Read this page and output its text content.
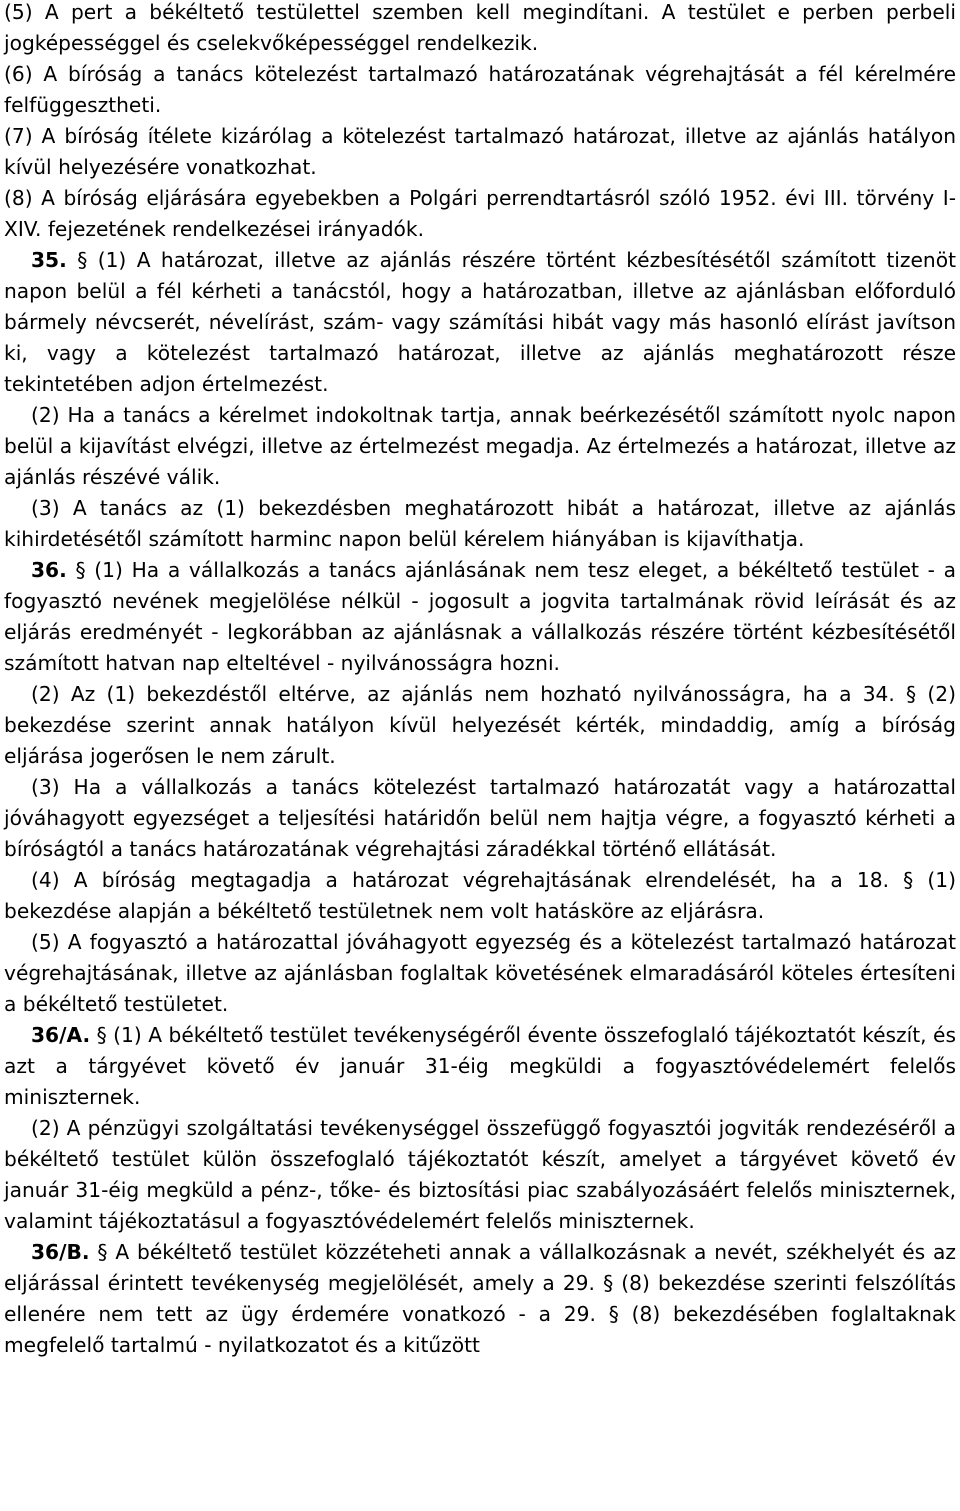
(5) A pert a békéltető testülettel szemben kell megindítani. A testület e perben perbeli jogképességgel és cselekvőképességgel rendelkezik.

(6) A bíróság a tanács kötelezést tartalmazó határozatának végrehajtását a fél kérelmére felfüggesztheti.

(7) A bíróság ítélete kizárólag a kötelezést tartalmazó határozat, illetve az ajánlás hatályon kívül helyezésére vonatkozhat.

(8) A bíróság eljárására egyebekben a Polgári perrendtartásról szóló 1952. évi III. törvény I-XIV. fejezetének rendelkezései irányadók.

35. § (1) A határozat, illetve az ajánlás részére történt kézbesítésétől számított tizenöt napon belül a fél kérheti a tanácstól, hogy a határozatban, illetve az ajánlásban előforduló bármely névcserét, névelírást, szám- vagy számítási hibát vagy más hasonló elírást javítson ki, vagy a kötelezést tartalmazó határozat, illetve az ajánlás meghatározott része tekintetében adjon értelmezést.

(2) Ha a tanács a kérelmet indokoltnak tartja, annak beérkezésétől számított nyolc napon belül a kijavítást elvégzi, illetve az értelmezést megadja. Az értelmezés a határozat, illetve az ajánlás részévé válik.

(3) A tanács az (1) bekezdésben meghatározott hibát a határozat, illetve az ajánlás kihirdetésétől számított harminc napon belül kérelem hiányában is kijavíthatja.

36. § (1) Ha a vállalkozás a tanács ajánlásának nem tesz eleget, a békéltető testület - a fogyasztó nevének megjelölése nélkül - jogosult a jogvita tartalmának rövid leírását és az eljárás eredményét - legkorábban az ajánlásnak a vállalkozás részére történt kézbesítésétől számított hatvan nap elteltével - nyilvánosságra hozni.

(2) Az (1) bekezdéstől eltérve, az ajánlás nem hozható nyilvánosságra, ha a 34. § (2) bekezdése szerint annak hatályon kívül helyezését kérték, mindaddig, amíg a bíróság eljárása jogerősen le nem zárult.

(3) Ha a vállalkozás a tanács kötelezést tartalmazó határozatát vagy a határozattal jóváhagyott egyezséget a teljesítési határidőn belül nem hajtja végre, a fogyasztó kérheti a bíróságtól a tanács határozatának végrehajtási záradékkal történő ellátását.

(4) A bíróság megtagadja a határozat végrehajtásának elrendelését, ha a 18. § (1) bekezdése alapján a békéltető testületnek nem volt hatásköre az eljárásra.

(5) A fogyasztó a határozattal jóváhagyott egyezség és a kötelezést tartalmazó határozat végrehajtásának, illetve az ajánlásban foglaltak követésének elmaradásáról köteles értesíteni a békéltető testületet.

36/A. § (1) A békéltető testület tevékenységéről évente összefoglaló tájékoztatót készít, és azt a tárgyévet követő év január 31-éig megküldi a fogyasztóvédelemért felelős miniszternek.

(2) A pénzügyi szolgáltatási tevékenységgel összefüggő fogyasztói jogviták rendezéséről a békéltető testület külön összefoglaló tájékoztatót készít, amelyet a tárgyévet követő év január 31-éig megküld a pénz-, tőke- és biztosítási piac szabályozásáért felelős miniszternek, valamint tájékoztatásul a fogyasztóvédelemért felelős miniszternek.

36/B. § A békéltető testület közzéteheti annak a vállalkozásnak a nevét, székhelyét és az eljárással érintett tevékenység megjelölését, amely a 29. § (8) bekezdése szerinti felszólítás ellenére nem tett az ügy érdemére vonatkozó - a 29. § (8) bekezdésében foglaltaknak megfelelő tartalmú - nyilatkozatot és a kitűzött
